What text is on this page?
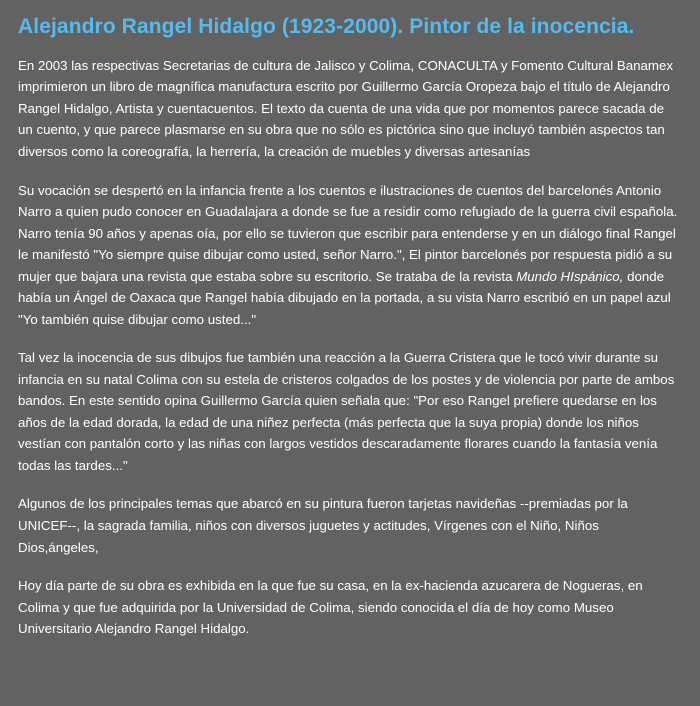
Alejandro Rangel Hidalgo (1923-2000). Pintor de la inocencia.

En 2003 las respectivas Secretarias de cultura de Jalisco y Colima, CONACULTA y Fomento Cultural Banamex imprimieron un libro de magnífica manufactura escrito por Guillermo García Oropeza bajo el título de Alejandro Rangel Hidalgo, Artista y cuentacuentos. El texto da cuenta de una vida que por momentos parece sacada de un cuento, y que parece plasmarse en su obra que no sólo es pictórica sino que incluyó también aspectos tan diversos como la coreografía, la herrería, la creación de muebles y diversas artesanías

Su vocación se despertó en la infancia frente a los cuentos e ilustraciones de cuentos del barcelonés Antonio Narro a quien pudo conocer en Guadalajara a donde se fue a residir como refugiado de la guerra civil española. Narro tenía 90 años y apenas oía, por ello se tuvieron que escribir para entenderse y en un diálogo final Rangel le manifestó "Yo siempre quise dibujar como usted, señor Narro.", El pintor barcelonés por respuesta pidió a su mujer que bajara una revista que estaba sobre su escritorio. Se trataba de la revista Mundo HIspánico, donde había un Ángel de Oaxaca que Rangel había dibujado en la portada, a su vista Narro escribió en un papel azul "Yo también quise dibujar como usted..."

Tal vez la inocencia de sus dibujos fue también una reacción a la Guerra Cristera que le tocó vivir durante su infancia en su natal Colima con su estela de cristeros colgados de los postes y de violencia por parte de ambos bandos. En este sentido opina Guillermo García quien señala que: "Por eso Rangel prefiere quedarse en los años de la edad dorada, la edad de una niñez perfecta (más perfecta que la suya propia) donde los niños vestían con pantalón corto y las niñas con largos vestidos descaradamente florares cuando la fantasía venía todas las tardes..."

Algunos de los principales temas que abarcó en su pintura fueron tarjetas navideñas --premiadas por la UNICEF--, la sagrada familia, niños con diversos juguetes y actitudes, Vírgenes con el Niño, Niños Dios,ángeles,

Hoy día parte de su obra es exhibida en la que fue su casa, en la ex-hacienda azucarera de Nogueras, en Colima y que fue adquirida por la Universidad de Colima, siendo conocida el día de hoy como Museo Universitario Alejandro Rangel Hidalgo.
